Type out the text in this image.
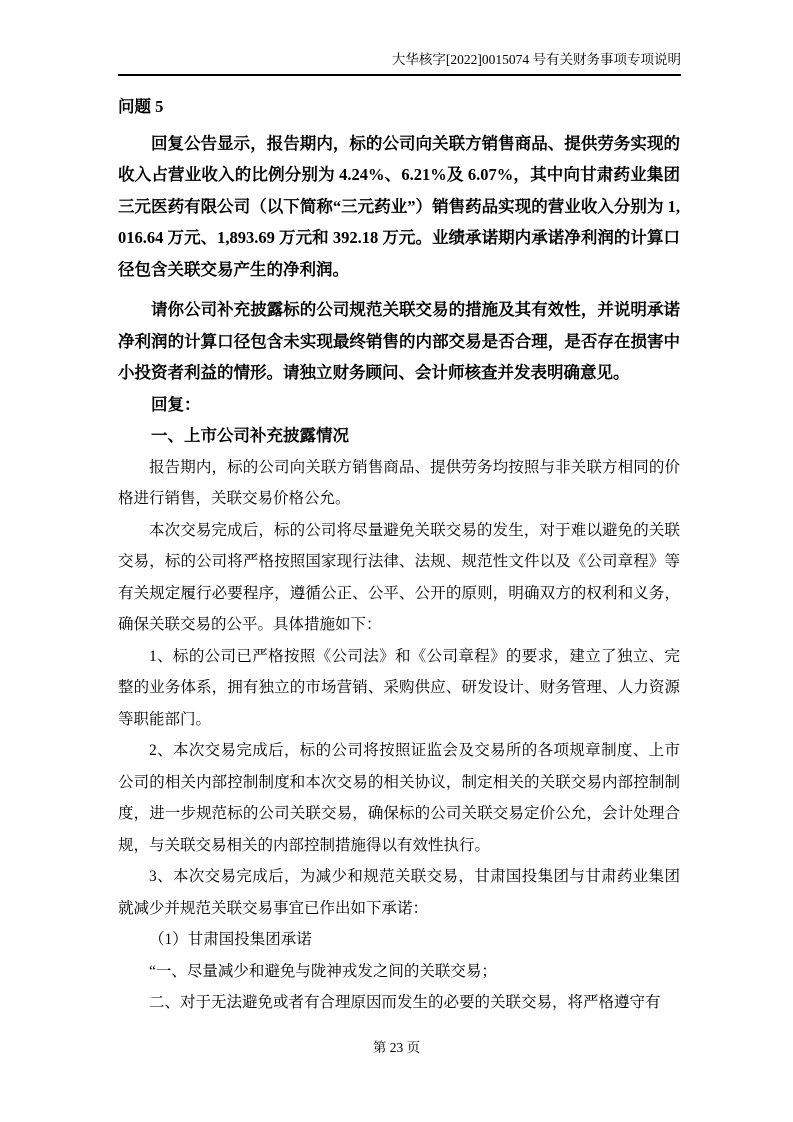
大华核字[2022]0015074 号有关财务事项专项说明

问题 5

回复公告显示，报告期内，标的公司向关联方销售商品、提供劳务实现的收入占营业收入的比例分别为 4.24%、6.21%及 6.07%，其中向甘肃药业集团三元医药有限公司（以下简称“三元药业”）销售药品实现的营业收入分别为 1,016.64 万元、1,893.69 万元和 392.18 万元。业绩承诺期内承诺净利润的计算口径包含关联交易产生的净利润。

请你公司补充披露标的公司规范关联交易的措施及其有效性，并说明承诺净利润的计算口径包含未实现最终销售的内部交易是否合理，是否存在损害中小投资者利益的情形。请独立财务顾问、会计师核查并发表明确意见。

回复：

一、上市公司补充披露情况

报告期内，标的公司向关联方销售商品、提供劳务均按照与非关联方相同的价格进行销售，关联交易价格公允。

本次交易完成后，标的公司将尽量避免关联交易的发生，对于难以避免的关联交易，标的公司将严格按照国家现行法律、法规、规范性文件以及《公司章程》等有关规定履行必要程序，遵循公正、公平、公开的原则，明确双方的权利和义务，确保关联交易的公平。具体措施如下：

1、标的公司已严格按照《公司法》和《公司章程》的要求，建立了独立、完整的业务体系，拥有独立的市场营销、采购供应、研发设计、财务管理、人力资源等职能部门。

2、本次交易完成后，标的公司将按照证监会及交易所的各项规章制度、上市公司的相关内部控制制度和本次交易的相关协议，制定相关的关联交易内部控制制度，进一步规范标的公司关联交易，确保标的公司关联交易定价公允，会计处理合规，与关联交易相关的内部控制措施得以有效性执行。

3、本次交易完成后，为减少和规范关联交易，甘肃国投集团与甘肃药业集团就减少并规范关联交易事宜已作出如下承诺：

（1）甘肃国投集团承诺

“一、尽量减少和避免与陇神戎发之间的关联交易；

二、对于无法避免或者有合理原因而发生的必要的关联交易，将严格遵守有

第 23 页
